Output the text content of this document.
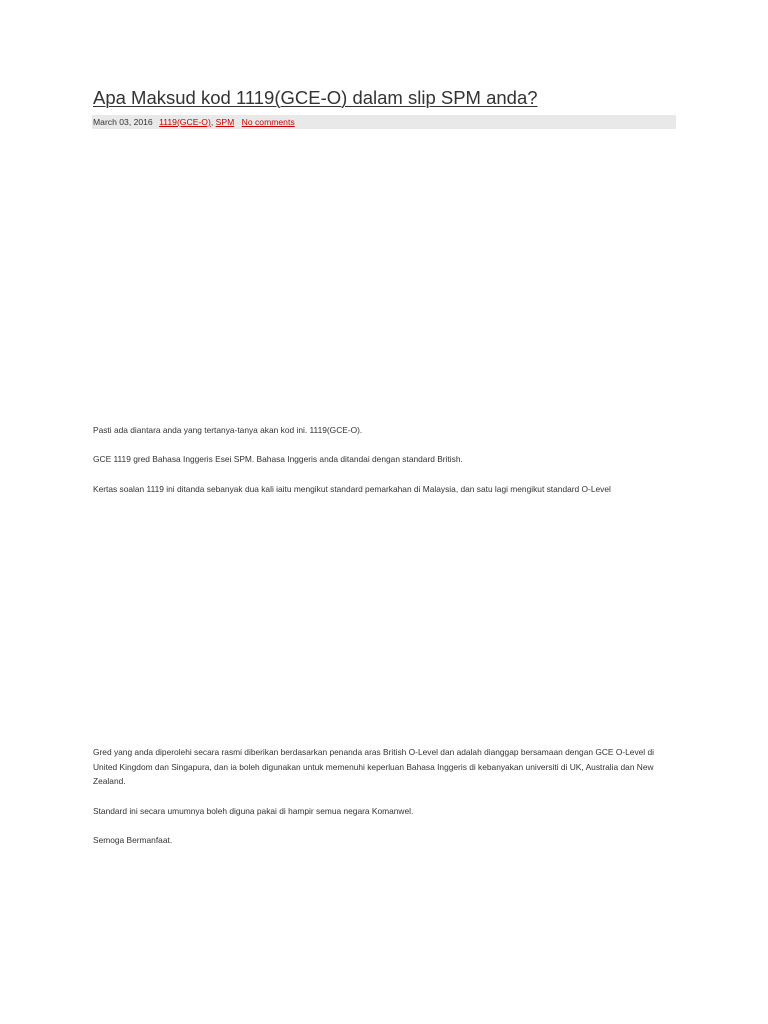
Apa Maksud kod 1119(GCE-O) dalam slip SPM anda?
March 03, 2016 1119(GCE-O), SPM No comments

Pasti ada diantara anda yang tertanya-tanya akan kod ini. 1119(GCE-O).

GCE 1119 gred Bahasa Inggeris Esei SPM. Bahasa Inggeris anda ditandai dengan standard British.

Kertas soalan 1119 ini ditanda sebanyak dua kali iaitu mengikut standard pemarkahan di Malaysia, dan satu lagi mengikut standard O-Level

Gred yang anda diperolehi secara rasmi diberikan berdasarkan penanda aras British O-Level dan adalah dianggap bersamaan dengan GCE O-Level di United Kingdom dan Singapura, dan ia boleh digunakan untuk memenuhi keperluan Bahasa Inggeris di kebanyakan universiti di UK, Australia dan New Zealand.

Standard ini secara umumnya boleh diguna pakai di hampir semua negara Komanwel.

Semoga Bermanfaat.
